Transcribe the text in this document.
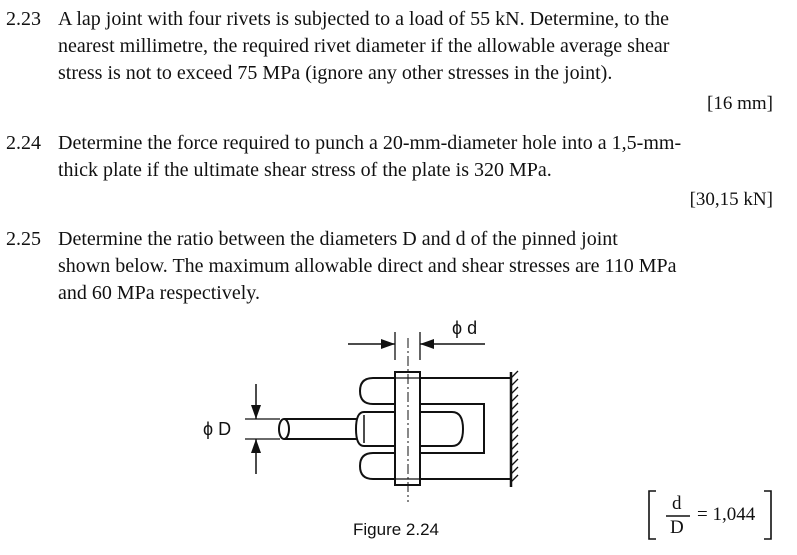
2.23 A lap joint with four rivets is subjected to a load of 55 kN. Determine, to the
nearest millimetre, the required rivet diameter if the allowable average shear
stress is not to exceed 75 MPa (ignore any other stresses in the joint).
[16 mm]
2.24 Determine the force required to punch a 20-mm-diameter hole into a 1,5-mm-
thick plate if the ultimate shear stress of the plate is 320 MPa.
[30,15 kN]
2.25 Determine the ratio between the diameters D and d of the pinned joint
shown below. The maximum allowable direct and shear stresses are 110 MPa
and 60 MPa respectively.
ϕ d
ϕ D
Figure 2.24
d
D
= 1,044
